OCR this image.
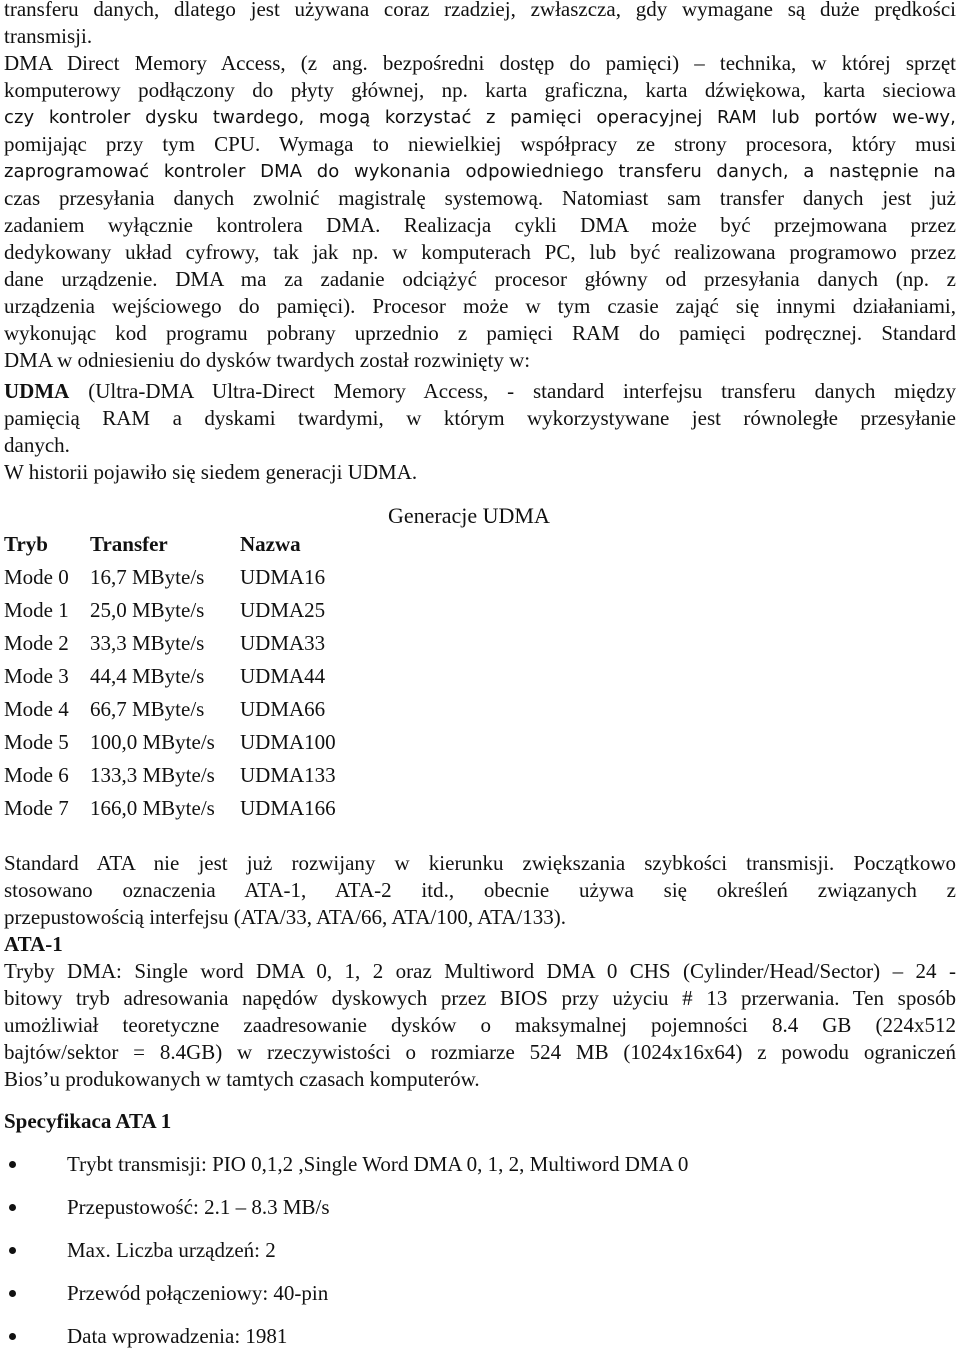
transferu danych, dlatego jest używana coraz rzadziej, zwłaszcza, gdy wymagane są duże prędkości
transmisji.
DMA Direct Memory Access, (z ang. bezpośredni dostęp do pamięci) – technika, w której sprzęt
komputerowy podłączony do płyty głównej, np. karta graficzna, karta dźwiękowa, karta sieciowa
czy kontroler dysku twardego, mogą korzystać z pamięci operacyjnej RAM lub portów we-wy,
pomijając przy tym CPU. Wymaga to niewielkiej współpracy ze strony procesora, który musi
zaprogramować kontroler DMA do wykonania odpowiedniego transferu danych, a następnie na
czas przesyłania danych zwolnić magistralę systemową. Natomiast sam transfer danych jest już
zadaniem wyłącznie kontrolera DMA. Realizacja cykli DMA może być przejmowana przez
dedykowany układ cyfrowy, tak jak np. w komputerach PC, lub być realizowana programowo przez
dane urządzenie. DMA ma za zadanie odciążyć procesor główny od przesyłania danych (np. z
urządzenia wejściowego do pamięci). Procesor może w tym czasie zająć się innymi działaniami,
wykonując kod programu pobrany uprzednio z pamięci RAM do pamięci podręcznej. Standard
DMA w odniesieniu do dysków twardych został rozwinięty w:
UDMA (Ultra-DMA Ultra-Direct Memory Access, - standard interfejsu transferu danych między
pamięcią RAM a dyskami twardymi, w którym wykorzystywane jest równoległe przesyłanie
danych.
W historii pojawiło się siedem generacji UDMA.
Generacje UDMA
Tryb	Transfer	Nazwa
Mode 0	16,7 MByte/s	UDMA16
Mode 1	25,0 MByte/s	UDMA25
Mode 2	33,3 MByte/s	UDMA33
Mode 3	44,4 MByte/s	UDMA44
Mode 4	66,7 MByte/s	UDMA66
Mode 5	100,0 MByte/s	UDMA100
Mode 6	133,3 MByte/s	UDMA133
Mode 7	166,0 MByte/s	UDMA166
Standard ATA nie jest już rozwijany w kierunku zwiększania szybkości transmisji. Początkowo
stosowano oznaczenia ATA-1, ATA-2 itd., obecnie używa się określeń związanych z
przepustowością interfejsu (ATA/33, ATA/66, ATA/100, ATA/133).
ATA-1
Tryby DMA: Single word DMA 0, 1, 2 oraz Multiword DMA 0 CHS (Cylinder/Head/Sector) – 24 -
bitowy tryb adresowania napędów dyskowych przez BIOS przy użyciu # 13 przerwania. Ten sposób
umożliwiał teoretyczne zaadresowanie dysków o maksymalnej pojemności 8.4 GB (224x512
bajtów/sektor = 8.4GB) w rzeczywistości o rozmiarze 524 MB (1024x16x64) z powodu ograniczeń
Bios’u produkowanych w tamtych czasach komputerów.
Specyfikaca ATA 1
Trybt transmisji: PIO 0,1,2 ,Single Word DMA 0, 1, 2, Multiword DMA 0
Przepustowość: 2.1 – 8.3 MB/s
Max. Liczba urządzeń: 2
Przewód połączeniowy: 40-pin
Data wprowadzenia: 1981
